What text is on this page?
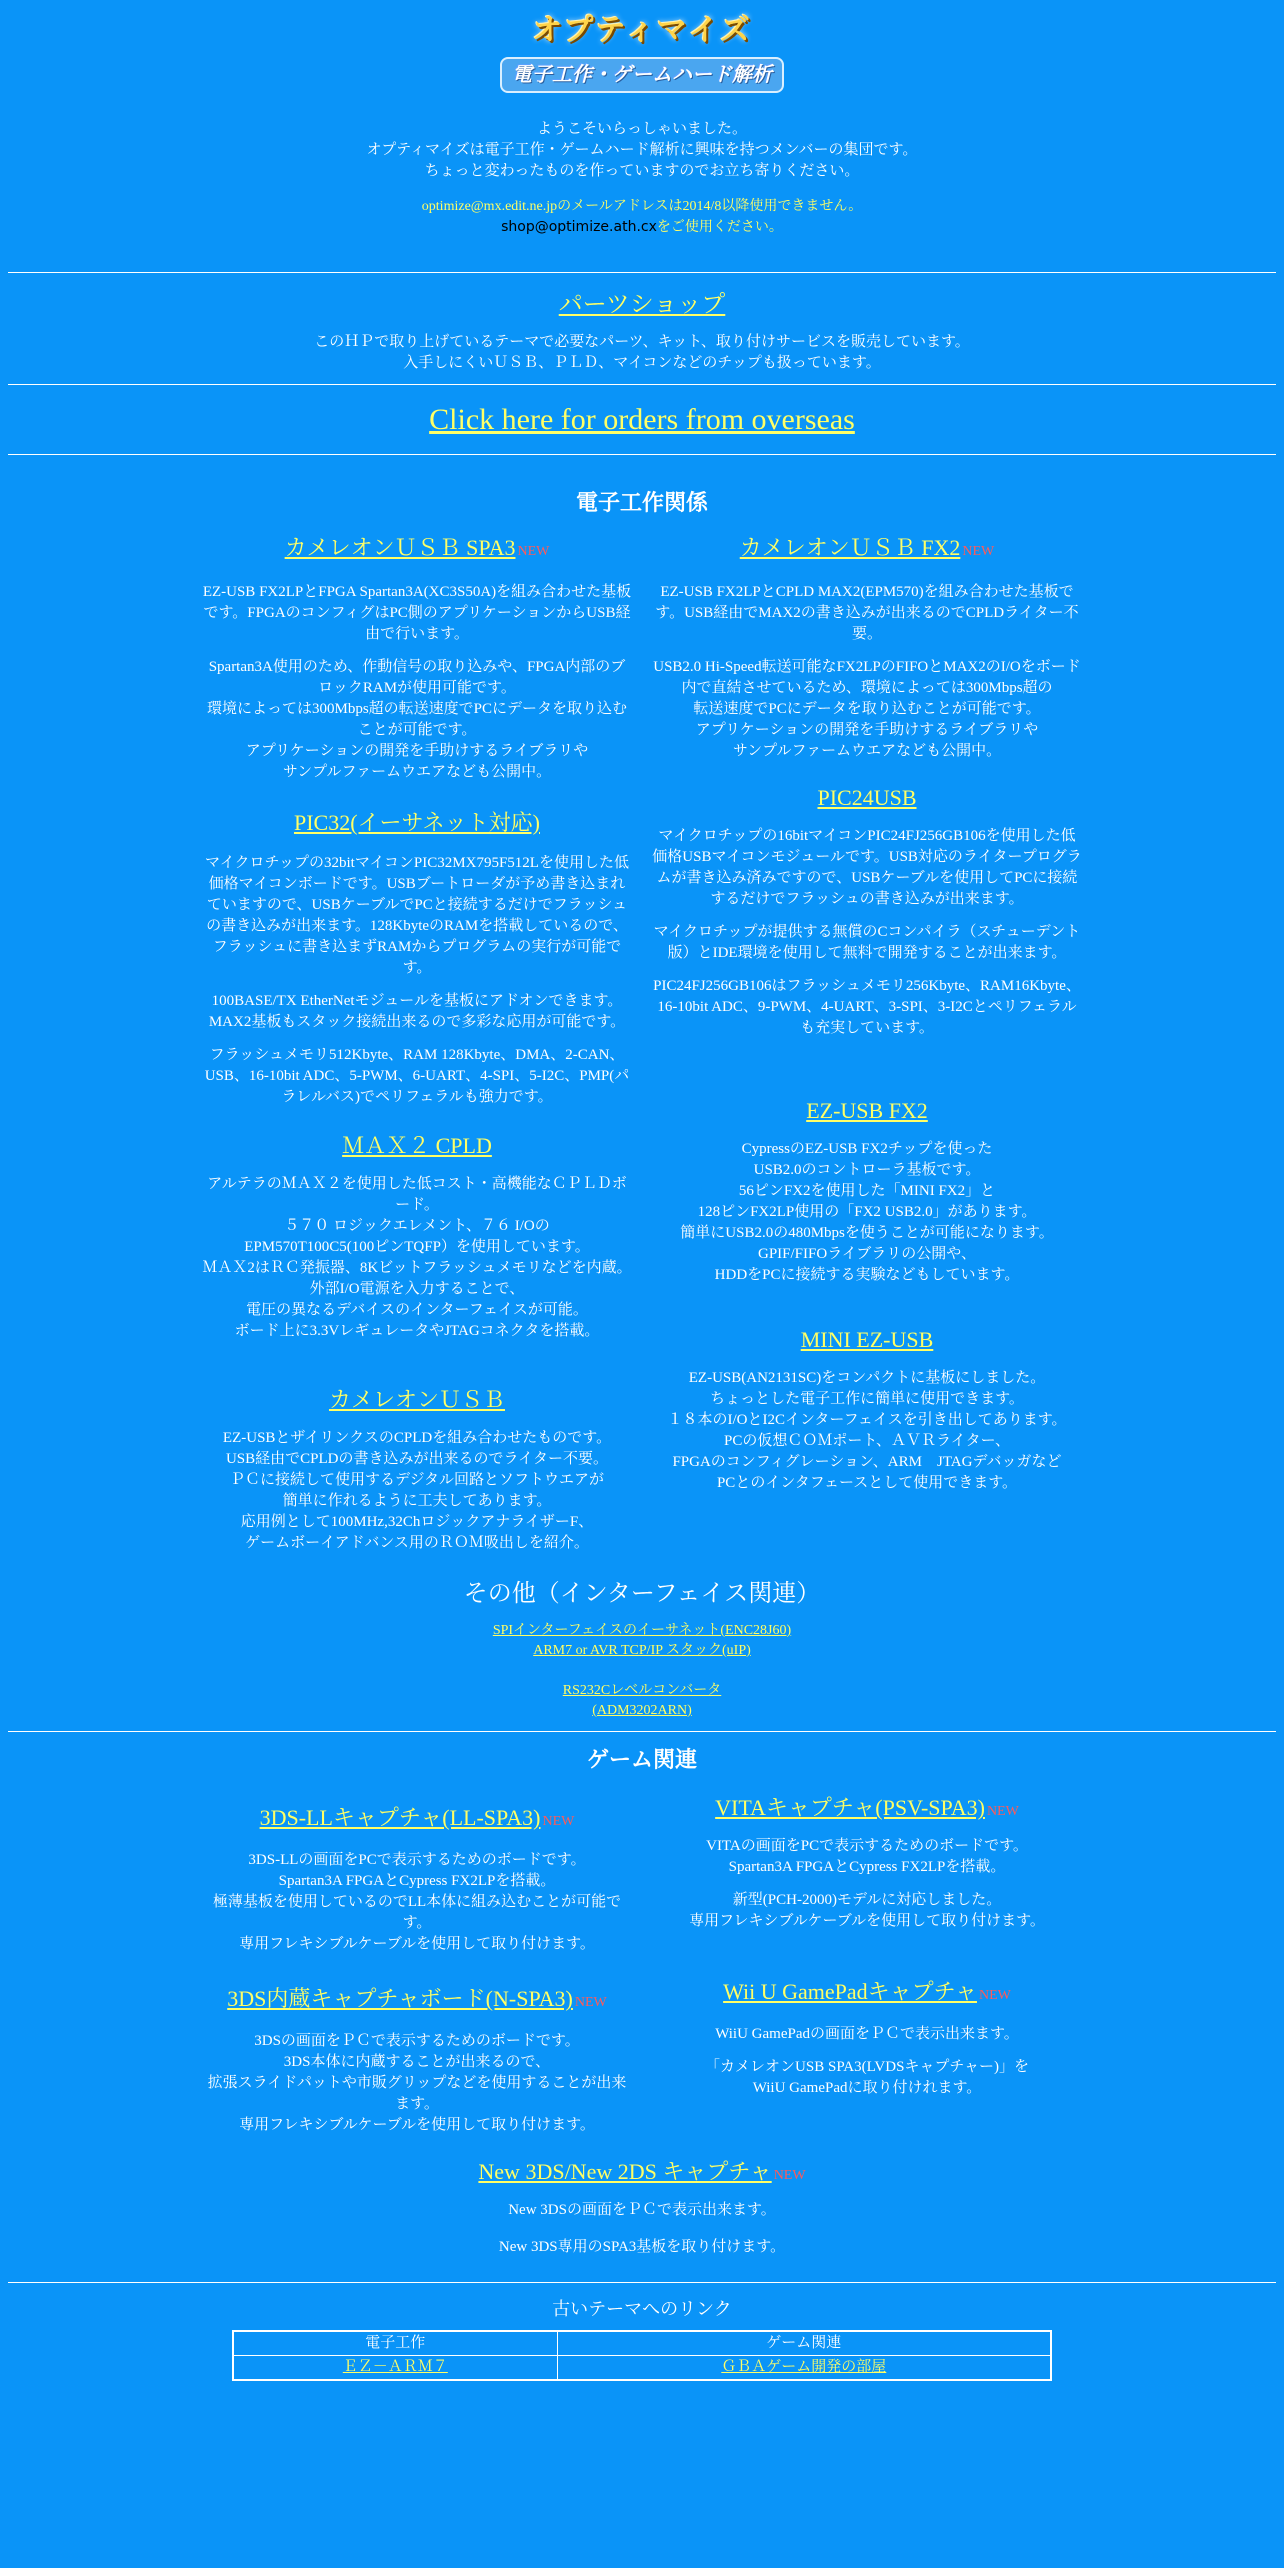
オプティマイズ
電子工作・ゲームハード解析
ようこそいらっしゃいました。
オプティマイズは電子工作・ゲームハード解析に興味を持つメンバーの集団です。
ちょっと変わったものを作っていますのでお立ち寄りください。
optimize@mx.edit.ne.jpのメールアドレスは2014/8以降使用できません。
shop@optimize.ath.cxをご使用ください。
パーツショップ
このＨＰで取り上げているテーマで必要なパーツ、キット、取り付けサービスを販売しています。
入手しにくいＵＳＢ、ＰＬＤ、マイコンなどのチップも扱っています。
Click here for orders from overseas
電子工作関係
カメレオンＵＳＢ SPA3 NEW

EZ-USB FX2LPとFPGA Spartan3A(XC3S50A)を組み合わせた基板です。FPGAのコンフィグはPC側のアプリケーションからUSB経由で行います。

Spartan3A使用のため、作動信号の取り込みや、FPGA内部のブロックRAMが使用可能です。
環境によっては300Mbps超の転送速度でPCにデータを取り込むことが可能です。
アプリケーションの開発を手助けするライブラリや
サンプルファームウエアなども公開中。

PIC32(イーサネット対応)

マイクロチップの32bitマイコンPIC32MX795F512Lを使用した低価格マイコンボードです。USBブートローダが予め書き込まれていますので、USBケーブルでPCと接続するだけでフラッシュの書き込みが出来ます。128KbyteのRAMを搭載しているので、フラッシュに書き込まずRAMからプログラムの実行が可能です。

100BASE/TX EtherNetモジュールを基板にアドオンできます。MAX2基板もスタック接続出来るので多彩な応用が可能です。

フラッシュメモリ512Kbyte、RAM 128Kbyte、DMA、2-CAN、USB、16-10bit ADC、5-PWM、6-UART、4-SPI、5-I2C、PMP(パラレルバス)でペリフェラルも強力です。

ＭＡＸ２ CPLD

アルテラのＭＡＸ２を使用した低コスト・高機能なＣＰＬＤボード。
５７０ ロジックエレメント、７６ I/Oの
EPM570T100C5(100ピンTQFP）を使用しています。
ＭＡＸ2はＲＣ発振器、8Kビットフラッシュメモリなどを内蔵。
外部I/O電源を入力することで、
電圧の異なるデバイスのインターフェイスが可能。
ボード上に3.3VレギュレータやJTAGコネクタを搭載。

カメレオンＵＳＢ

EZ-USBとザイリンクスのCPLDを組み合わせたものです。
USB経由でCPLDの書き込みが出来るのでライター不要。
ＰＣに接続して使用するデジタル回路とソフトウエアが
簡単に作れるように工夫してあります。
応用例として100MHz,32ChロジックアナライザーF、
ゲームボーイアドバンス用のＲＯＭ吸出しを紹介。

カメレオンＵＳＢ FX2 NEW

EZ-USB FX2LPとCPLD MAX2(EPM570)を組み合わせた基板です。USB経由でMAX2の書き込みが出来るのでCPLDライター不要。

USB2.0 Hi-Speed転送可能なFX2LPのFIFOとMAX2のI/Oをボード内で直結させているため、環境によっては300Mbps超の
転送速度でPCにデータを取り込むことが可能です。
アプリケーションの開発を手助けするライブラリや
サンプルファームウエアなども公開中。

PIC24USB

マイクロチップの16bitマイコンPIC24FJ256GB106を使用した低価格USBマイコンモジュールです。USB対応のライタープログラムが書き込み済みですので、USBケーブルを使用してPCに接続するだけでフラッシュの書き込みが出来ます。

マイクロチップが提供する無償のCコンパイラ（スチューデント版）とIDE環境を使用して無料で開発することが出来ます。

PIC24FJ256GB106はフラッシュメモリ256Kbyte、RAM16Kbyte、16-10bit ADC、9-PWM、4-UART、3-SPI、3-I2Cとペリフェラルも充実しています。

EZ-USB FX2

CypressのEZ-USB FX2チップを使った
USB2.0のコントローラ基板です。
56ピンFX2を使用した「MINI FX2」と
128ピンFX2LP使用の「FX2 USB2.0」があります。
簡単にUSB2.0の480Mbpsを使うことが可能になります。
GPIF/FIFOライブラリの公開や、
HDDをPCに接続する実験などもしています。

MINI EZ-USB

EZ-USB(AN2131SC)をコンパクトに基板にしました。
ちょっとした電子工作に簡単に使用できます。
１８本のI/OとI2Cインターフェイスを引き出してあります。
PCの仮想ＣＯＭポート、ＡＶＲライター、
FPGAのコンフィグレーション、ARM　JTAGデバッガなど
PCとのインタフェースとして使用できます。

その他（インターフェイス関連）
SPIインターフェイスのイーサネット(ENC28J60)
ARM7 or AVR TCP/IP スタック(uIP)
RS232Cレベルコンバータ
(ADM3202ARN)
ゲーム関連
3DS-LLキャプチャ(LL-SPA3) NEW

3DS-LLの画面をPCで表示するためのボードです。
Spartan3A FPGAとCypress FX2LPを搭載。
極薄基板を使用しているのでLL本体に組み込むことが可能です。
専用フレキシブルケーブルを使用して取り付けます。

3DS内蔵キャプチャボード(N-SPA3) NEW

3DSの画面をＰＣで表示するためのボードです。
3DS本体に内蔵することが出来るので、
拡張スライドパットや市販グリップなどを使用することが出来ます。
専用フレキシブルケーブルを使用して取り付けます。

VITAキャプチャ(PSV-SPA3) NEW

VITAの画面をPCで表示するためのボードです。
Spartan3A FPGAとCypress FX2LPを搭載。

新型(PCH-2000)モデルに対応しました。
専用フレキシブルケーブルを使用して取り付けます。

Wii U GamePadキャプチャ NEW

WiiU GamePadの画面をＰＣで表示出来ます。

「カメレオンUSB SPA3(LVDSキャプチャー)」を
WiiU GamePadに取り付けれます。

New 3DS/New 2DS キャプチャ NEW

New 3DSの画面をＰＣで表示出来ます。

New 3DS専用のSPA3基板を取り付けます。

古いテーマへのリンク
電子工作	ゲーム関連
ＥＺ－ＡＲＭ７	ＧＢＡゲーム開発の部屋
